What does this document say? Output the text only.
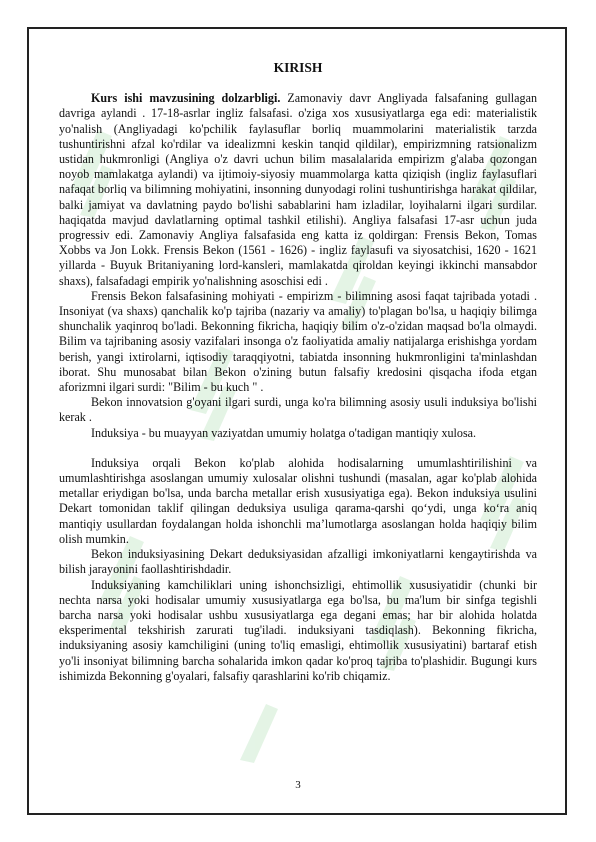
KIRISH

Kurs ishi mavzusining dolzarbligi. Zamonaviy davr Angliyada falsafaning gullagan davriga aylandi . 17-18-asrlar ingliz falsafasi. o'ziga xos xususiyatlarga ega edi: materialistik yo'nalish (Angliyadagi ko'pchilik faylasuflar borliq muammolarini materialistik tarzda tushuntirishni afzal ko'rdilar va idealizmni keskin tanqid qildilar), empirizmning ratsionalizm ustidan hukmronligi (Angliya o'z davri uchun bilim masalalarida empirizm g'alaba qozongan noyob mamlakatga aylandi) va ijtimoiy-siyosiy muammolarga katta qiziqish (ingliz faylasuflari nafaqat borliq va bilimning mohiyatini, insonning dunyodagi rolini tushuntirishga harakat qildilar, balki jamiyat va davlatning paydo bo'lishi sabablarini ham izladilar, loyihalarni ilgari surdilar. haqiqatda mavjud davlatlarning optimal tashkil etilishi). Angliya falsafasi 17-asr uchun juda progressiv edi. Zamonaviy Angliya falsafasida eng katta iz qoldirgan: Frensis Bekon, Tomas Xobbs va Jon Lokk. Frensis Bekon (1561 - 1626) - ingliz faylasufi va siyosatchisi, 1620 - 1621 yillarda - Buyuk Britaniyaning lord-kansleri, mamlakatda qiroldan keyingi ikkinchi mansabdor shaxs), falsafadagi empirik yo'nalishning asoschisi edi .

Frensis Bekon falsafasining mohiyati - empirizm - bilimning asosi faqat tajribada yotadi . Insoniyat (va shaxs) qanchalik ko'p tajriba (nazariy va amaliy) to'plagan bo'lsa, u haqiqiy bilimga shunchalik yaqinroq bo'ladi. Bekonning fikricha, haqiqiy bilim o'z-o'zidan maqsad bo'la olmaydi. Bilim va tajribaning asosiy vazifalari insonga o'z faoliyatida amaliy natijalarga erishishga yordam berish, yangi ixtirolarni, iqtisodiy taraqqiyotni, tabiatda insonning hukmronligini ta'minlashdan iborat. Shu munosabat bilan Bekon o'zining butun falsafiy kredosini qisqacha ifoda etgan aforizmni ilgari surdi: "Bilim - bu kuch " .

Bekon innovatsion g'oyani ilgari surdi, unga ko'ra bilimning asosiy usuli induksiya bo'lishi kerak .

Induksiya - bu muayyan vaziyatdan umumiy holatga o'tadigan mantiqiy xulosa.

Induksiya orqali Bekon ko'plab alohida hodisalarning umumlashtirilishini va umumlashtirishga asoslangan umumiy xulosalar olishni tushundi (masalan, agar ko'plab alohida metallar eriydigan bo'lsa, unda barcha metallar erish xususiyatiga ega). Bekon induksiya usulini Dekart tomonidan taklif qilingan deduksiya usuliga qarama-qarshi qo‘ydi, unga ko‘ra aniq mantiqiy usullardan foydalangan holda ishonchli ma’lumotlarga asoslangan holda haqiqiy bilim olish mumkin.

Bekon induksiyasining Dekart deduksiyasidan afzalligi imkoniyatlarni kengaytirishda va bilish jarayonini faollashtirishdadir.

Induksiyaning kamchiliklari uning ishonchsizligi, ehtimollik xususiyatidir (chunki bir nechta narsa yoki hodisalar umumiy xususiyatlarga ega bo'lsa, bu ma'lum bir sinfga tegishli barcha narsa yoki hodisalar ushbu xususiyatlarga ega degani emas; har bir alohida holatda eksperimental tekshirish zarurati tug'iladi. induksiyani tasdiqlash). Bekonning fikricha, induksiyaning asosiy kamchiligini (uning to'liq emasligi, ehtimollik xususiyatini) bartaraf etish yo'li insoniyat bilimning barcha sohalarida imkon qadar ko'proq tajriba to'plashidir. Bugungi kurs ishimizda Bekonning g'oyalari, falsafiy qarashlarini ko'rib chiqamiz.

3
